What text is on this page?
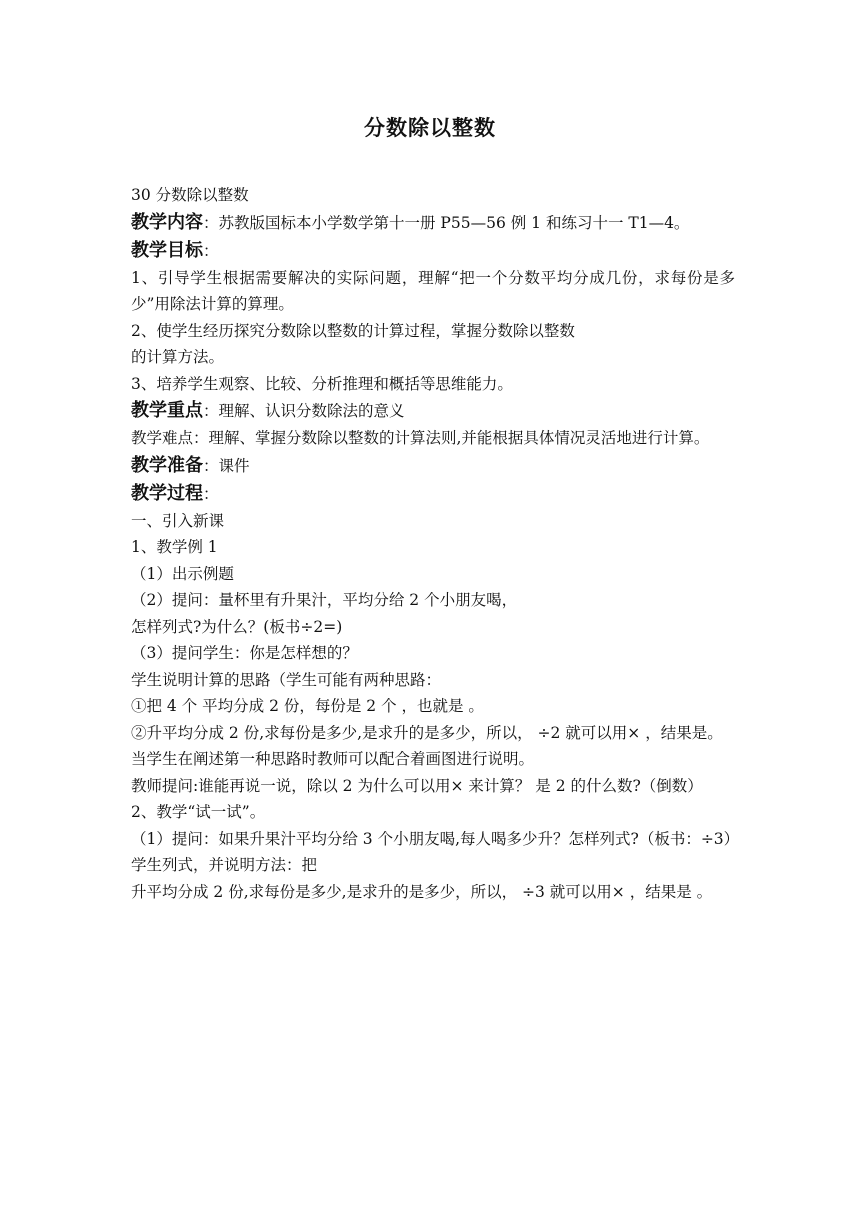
分数除以整数

30 分数除以整数

教学内容：苏教版国标本小学数学第十一册 P55—56 例 1 和练习十一 T1—4。

教学目标：

1、引导学生根据需要解决的实际问题，理解“把一个分数平均分成几份，求每份是多少”用除法计算的算理。

2、使学生经历探究分数除以整数的计算过程，掌握分数除以整数

的计算方法。

3、培养学生观察、比较、分析推理和概括等思维能力。

教学重点：理解、认识分数除法的意义

教学难点：理解、掌握分数除以整数的计算法则,并能根据具体情况灵活地进行计算。

教学准备：课件

教学过程：

一、引入新课

1、教学例 1

（1）出示例题

（2）提问：量杯里有升果汁，平均分给 2 个小朋友喝，

怎样列式?为什么？(板书÷2=)

（3）提问学生：你是怎样想的？

学生说明计算的思路（学生可能有两种思路：

①把 4 个 平均分成 2 份，每份是 2 个 ，也就是 。

②升平均分成 2 份,求每份是多少,是求升的是多少，所以， ÷2 就可以用× ，结果是。

当学生在阐述第一种思路时教师可以配合着画图进行说明。

教师提问:谁能再说一说，除以 2 为什么可以用× 来计算？ 是 2 的什么数?（倒数）

2、教学“试一试”。

（1）提问：如果升果汁平均分给 3 个小朋友喝,每人喝多少升？怎样列式?（板书：÷3）

学生列式，并说明方法：把

升平均分成 2 份,求每份是多少,是求升的是多少，所以， ÷3 就可以用× ，结果是 。
